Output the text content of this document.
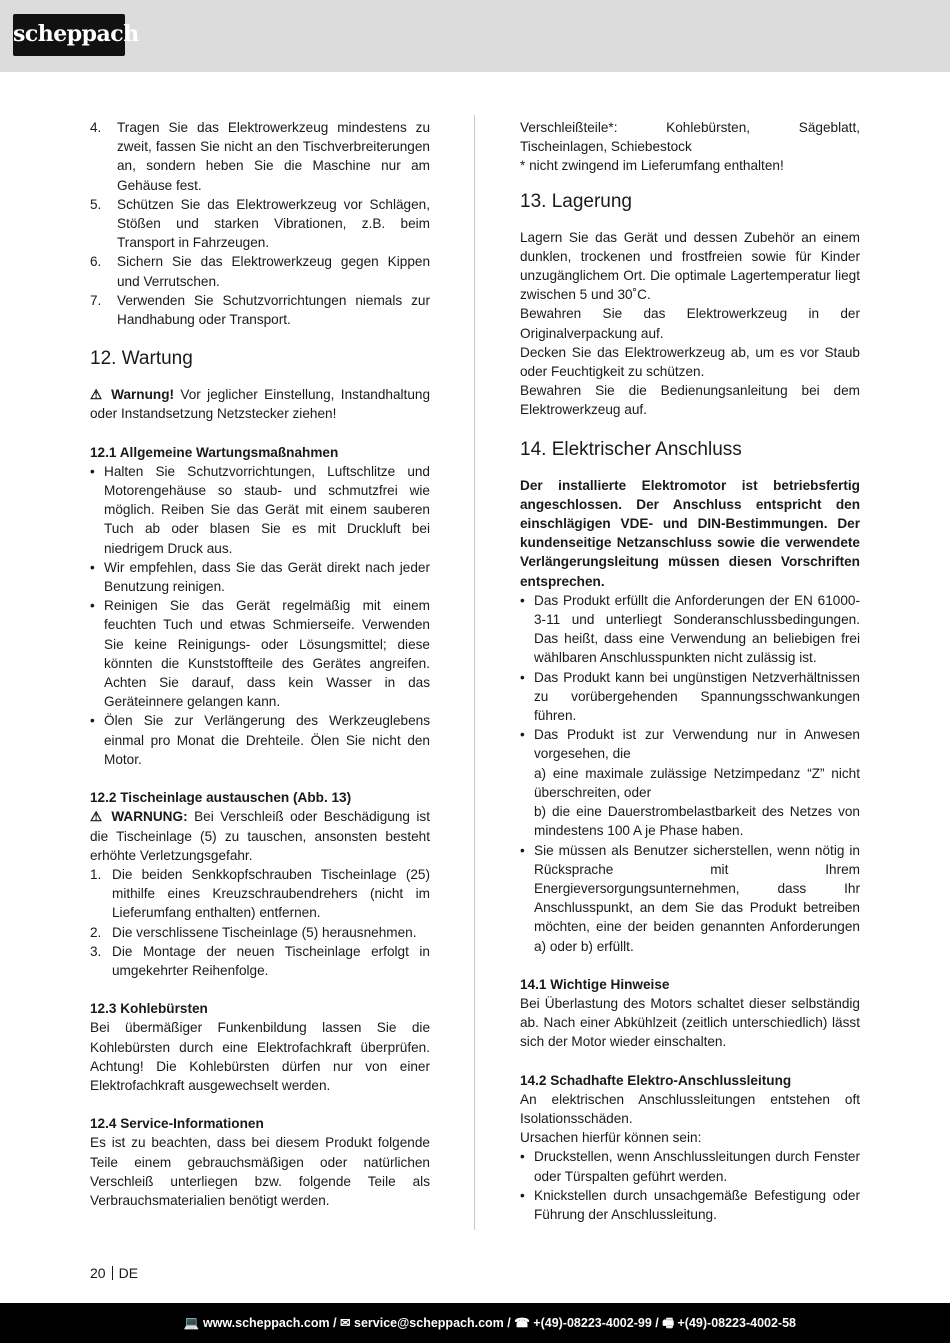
scheppach
4.	Tragen Sie das Elektrowerkzeug mindestens zu zweit, fassen Sie nicht an den Tischverbreiterungen an, sondern heben Sie die Maschine nur am Gehäuse fest.
5.	Schützen Sie das Elektrowerkzeug vor Schlägen, Stößen und starken Vibrationen, z.B. beim Transport in Fahrzeugen.
6.	Sichern Sie das Elektrowerkzeug gegen Kippen und Verrutschen.
7.	Verwenden Sie Schutzvorrichtungen niemals zur Handhabung oder Transport.
12. Wartung

⚠ Warnung! Vor jeglicher Einstellung, Instandhaltung oder Instandsetzung Netzstecker ziehen!

12.1 Allgemeine Wartungsmaßnahmen
• Halten Sie Schutzvorrichtungen, Luftschlitze und Motorengehäuse so staub- und schmutzfrei wie möglich. Reiben Sie das Gerät mit einem sauberen Tuch ab oder blasen Sie es mit Druckluft bei niedrigem Druck aus.
• Wir empfehlen, dass Sie das Gerät direkt nach jeder Benutzung reinigen.
• Reinigen Sie das Gerät regelmäßig mit einem feuchten Tuch und etwas Schmierseife. Verwenden Sie keine Reinigungs- oder Lösungsmittel; diese könnten die Kunststoffteile des Gerätes angreifen. Achten Sie darauf, dass kein Wasser in das Geräteinnere gelangen kann.
• Ölen Sie zur Verlängerung des Werkzeuglebens einmal pro Monat die Drehteile. Ölen Sie nicht den Motor.
12.2 Tischeinlage austauschen (Abb. 13)

⚠ WARNUNG: Bei Verschleiß oder Beschädigung ist die Tischeinlage (5) zu tauschen, ansonsten besteht erhöhte Verletzungsgefahr.

1. Die beiden Senkkopfschrauben Tischeinlage (25) mithilfe eines Kreuzschraubendrehers (nicht im Lieferumfang enthalten) entfernen.
2. Die verschlissene Tischeinlage (5) herausnehmen.
3. Die Montage der neuen Tischeinlage erfolgt in umgekehrter Reihenfolge.
12.3 Kohlebürsten

Bei übermäßiger Funkenbildung lassen Sie die Kohlebürsten durch eine Elektrofachkraft überprüfen. Achtung! Die Kohlebürsten dürfen nur von einer Elektrofachkraft ausgewechselt werden.

12.4 Service-Informationen

Es ist zu beachten, dass bei diesem Produkt folgende Teile einem gebrauchsmäßigen oder natürlichen Verschleiß unterliegen bzw. folgende Teile als Verbrauchsmaterialien benötigt werden.

Verschleißteile*: Kohlebürsten, Sägeblatt, Tischeinlagen, Schiebestock

* nicht zwingend im Lieferumfang enthalten!

13. Lagerung

Lagern Sie das Gerät und dessen Zubehör an einem dunklen, trockenen und frostfreien sowie für Kinder unzugänglichem Ort. Die optimale Lagertemperatur liegt zwischen 5 und 30˚C.

Bewahren Sie das Elektrowerkzeug in der Originalverpackung auf.

Decken Sie das Elektrowerkzeug ab, um es vor Staub oder Feuchtigkeit zu schützen.

Bewahren Sie die Bedienungsanleitung bei dem Elektrowerkzeug auf.

14. Elektrischer Anschluss

Der installierte Elektromotor ist betriebsfertig angeschlossen. Der Anschluss entspricht den einschlägigen VDE- und DIN-Bestimmungen. Der kundenseitige Netzanschluss sowie die verwendete Verlängerungsleitung müssen diesen Vorschriften entsprechen.

• Das Produkt erfüllt die Anforderungen der EN 61000-3-11 und unterliegt Sonderanschlussbedingungen. Das heißt, dass eine Verwendung an beliebigen frei wählbaren Anschlusspunkten nicht zulässig ist.
• Das Produkt kann bei ungünstigen Netzverhältnissen zu vorübergehenden Spannungsschwankungen führen.
• Das Produkt ist zur Verwendung nur in Anwesen vorgesehen, die
a) eine maximale zulässige Netzimpedanz “Z” nicht überschreiten, oder
b) die eine Dauerstrombelastbarkeit des Netzes von mindestens 100 A je Phase haben.
• Sie müssen als Benutzer sicherstellen, wenn nötig in Rücksprache mit Ihrem Energieversorgungsunternehmen, dass Ihr Anschlusspunkt, an dem Sie das Produkt betreiben möchten, eine der beiden genannten Anforderungen a) oder b) erfüllt.
14.1 Wichtige Hinweise

Bei Überlastung des Motors schaltet dieser selbständig ab. Nach einer Abkühlzeit (zeitlich unterschiedlich) lässt sich der Motor wieder einschalten.

14.2 Schadhafte Elektro-Anschlussleitung

An elektrischen Anschlussleitungen entstehen oft Isolationsschäden.

Ursachen hierfür können sein:

• Druckstellen, wenn Anschlussleitungen durch Fenster oder Türspalten geführt werden.
• Knickstellen durch unsachgemäße Befestigung oder Führung der Anschlussleitung.
20 DE
💻 www.scheppach.com / ✉ service@scheppach.com / ☎ +(49)-08223-4002-99 / 🖷 +(49)-08223-4002-58
